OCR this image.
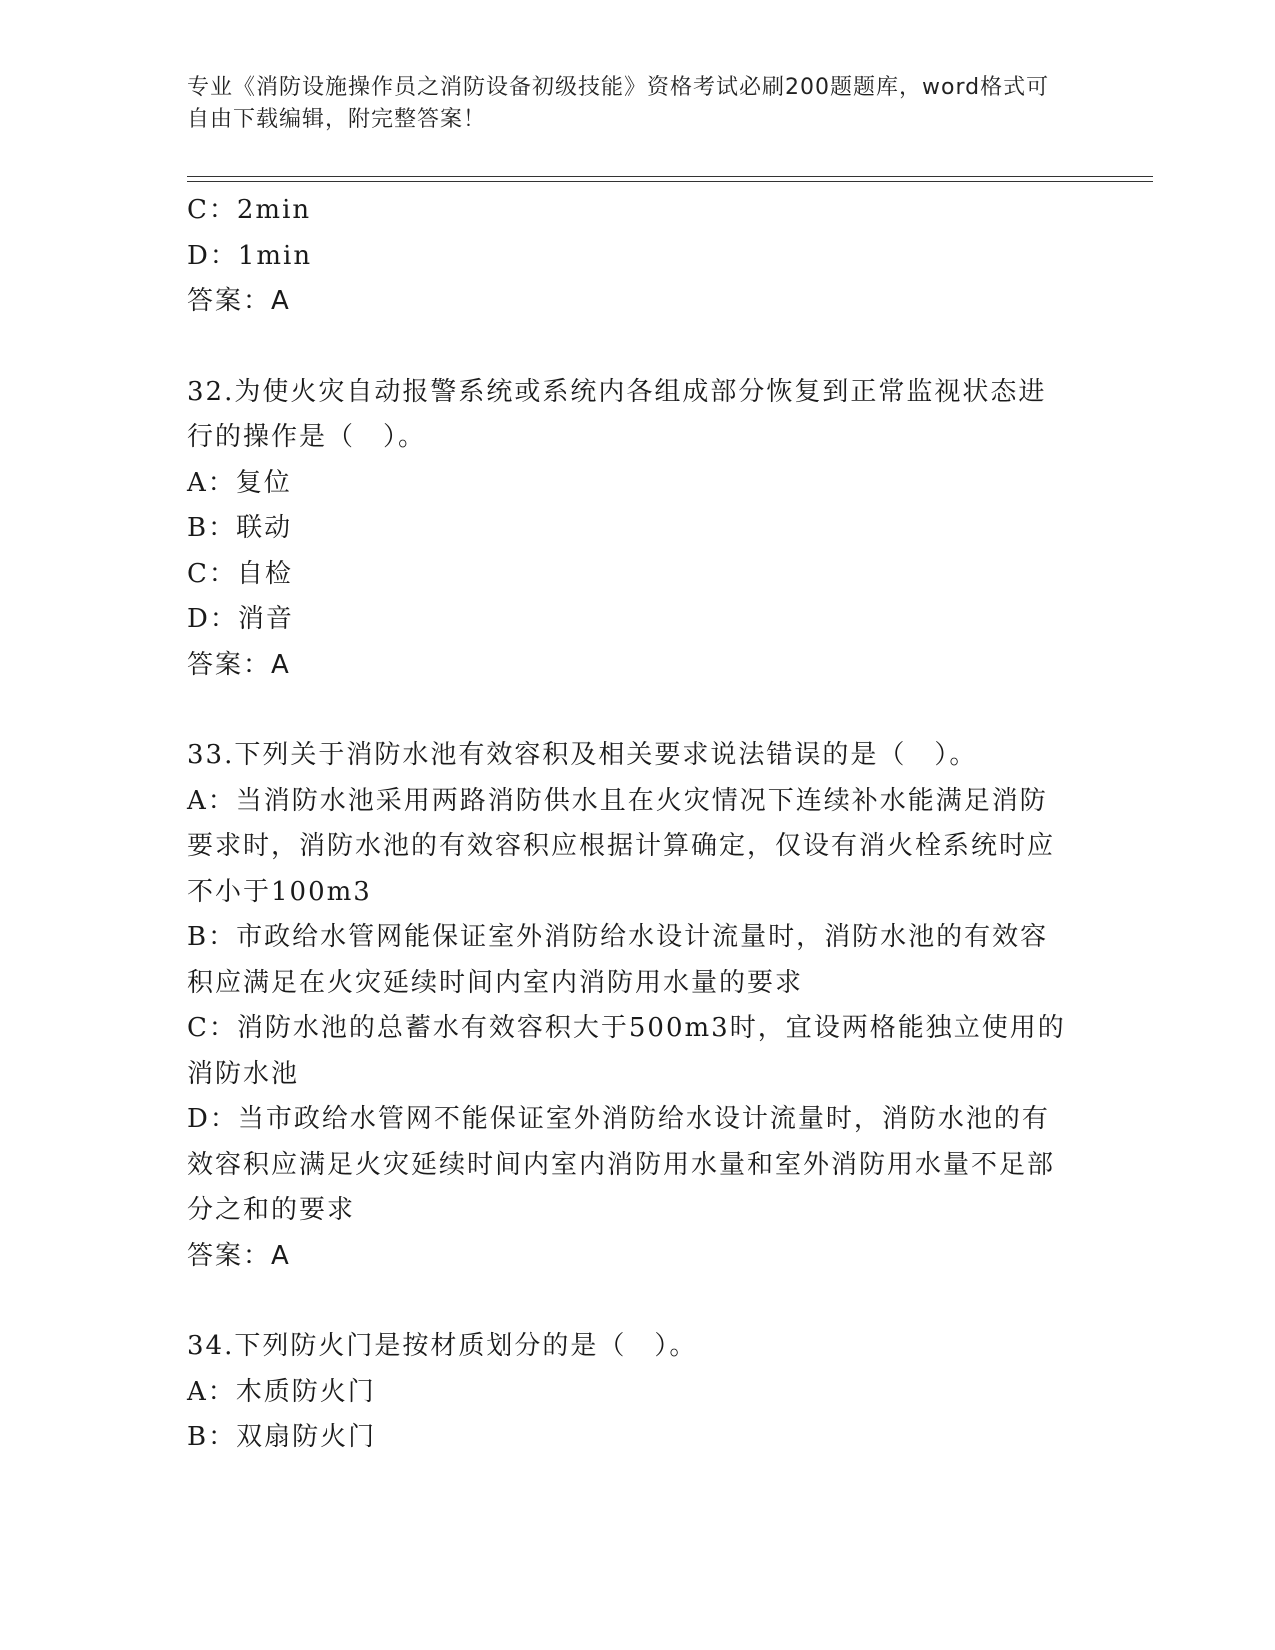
专业《消防设施操作员之消防设备初级技能》资格考试必刷200题题库，word格式可自由下载编辑，附完整答案！
C：2min
D：1min
答案：A
32.为使火灾自动报警系统或系统内各组成部分恢复到正常监视状态进行的操作是（　）。
A：复位
B：联动
C：自检
D：消音
答案：A
33.下列关于消防水池有效容积及相关要求说法错误的是（　）。
A：当消防水池采用两路消防供水且在火灾情况下连续补水能满足消防要求时，消防水池的有效容积应根据计算确定，仅设有消火栓系统时应不小于100m3
B：市政给水管网能保证室外消防给水设计流量时，消防水池的有效容积应满足在火灾延续时间内室内消防用水量的要求
C：消防水池的总蓄水有效容积大于500m3时，宜设两格能独立使用的消防水池
D：当市政给水管网不能保证室外消防给水设计流量时，消防水池的有效容积应满足火灾延续时间内室内消防用水量和室外消防用水量不足部分之和的要求
答案：A
34.下列防火门是按材质划分的是（　）。
A：木质防火门
B：双扇防火门
